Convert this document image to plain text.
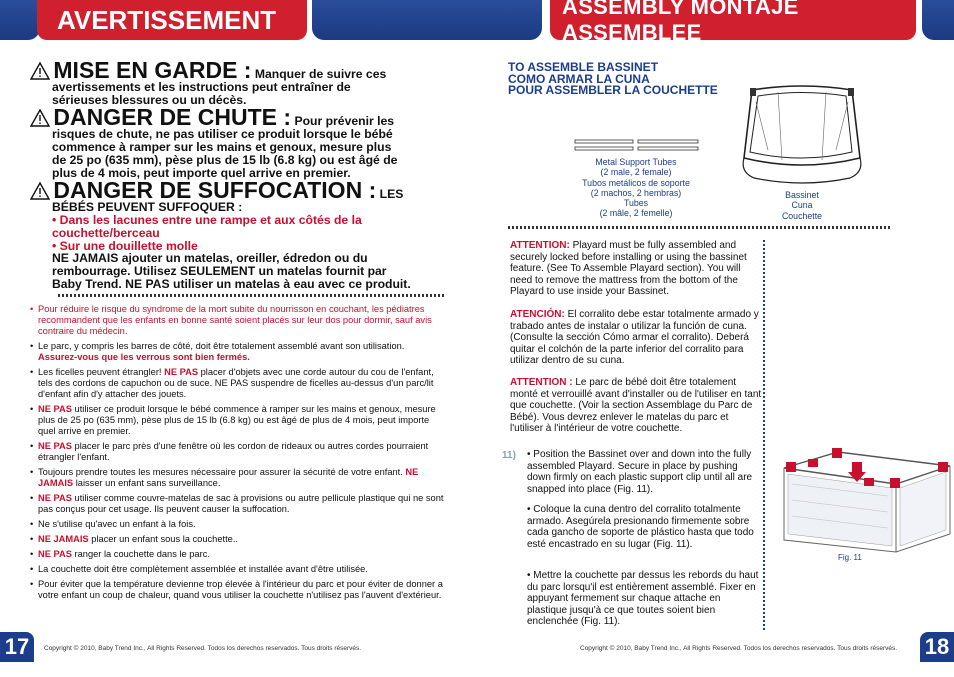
AVERTISSEMENT
MISE EN GARDE : Manquer de suivre ces
avertissements et les instructions peut entraîner de
sérieuses blessures ou un décès.
DANGER DE CHUTE : Pour prévenir les
risques de chute, ne pas utiliser ce produit lorsque le bébé
commence à ramper sur les mains et genoux, mesure plus
de 25 po (635 mm), pèse plus de 15 lb (6.8 kg) ou est âgé de
plus de 4 mois, peut importe quel arrive en premier.
DANGER DE SUFFOCATION : LES
BÉBÉS PEUVENT SUFFOQUER :
• Dans les lacunes entre une rampe et aux côtés de la
couchette/berceau
• Sur une douillette molle
NE JAMAIS ajouter un matelas, oreiller, édredon ou du
rembourrage. Utilisez SEULEMENT un matelas fournit par
Baby Trend. NE PAS utiliser un matelas à eau avec ce produit.
• Pour réduire le risque du syndrome de la mort subite du nourrisson en couchant, les pédiatres recommandent que les enfants en bonne santé soient placés sur leur dos pour dormir, sauf avis contraire du médecin.
• Le parc, y compris les barres de côté, doit être totalement assemblé avant son utilisation.
Assurez-vous que les verrous sont bien fermés.
• Les ficelles peuvent étrangler! NE PAS placer d'objets avec une corde autour du cou de l'enfant, tels des cordons de capuchon ou de suce. NE PAS suspendre de ficelles au-dessus d'un parc/lit d'enfant afin d'y attacher des jouets.
• NE PAS utiliser ce produit lorsque le bébé commence à ramper sur les mains et genoux, mesure plus de 25 po (635 mm), pèse plus de 15 lb (6.8 kg) ou est âgé de plus de 4 mois, peut importe quel arrive en premier.
• NE PAS placer le parc près d'une fenêtre où les cordon de rideaux ou autres cordes pourraient étrangler l'enfant.
• Toujours prendre toutes les mesures nécessaire pour assurer la sécurité de votre enfant. NE JAMAIS laisser un enfant sans surveillance.
• NE PAS utiliser comme couvre-matelas de sac à provisions ou autre pellicule plastique qui ne sont pas conçus pour cet usage. Ils peuvent causer la suffocation.
• Ne s'utilise qu'avec un enfant à la fois.
• NE JAMAIS placer un enfant sous la couchette..
• NE PAS ranger la couchette dans le parc.
• La couchette doit être complètement assemblée et installée avant d'être utilisée.
• Pour éviter que la température devienne trop élevée à l'intérieur du parc et pour éviter de donner a votre enfant un coup de chaleur, quand vous utiliser la couchette n'utilisez pas l'auvent d'extérieur.
17 Copyright © 2010, Baby Trend Inc., All Rights Reserved. Todos los derechos reservados. Tous droits réservés.
ASSEMBLY MONTAJE ASSEMBLEE
TO ASSEMBLE BASSINET
COMO ARMAR LA CUNA
POUR ASSEMBLER LA COUCHETTE
Metal Support Tubes
(2 male, 2 female)
Tubos metálicos de soporte
(2 machos, 2 hembras)
Tubes
(2 mâle, 2 femelle)
Bassinet
Cuna
Couchette
ATTENTION: Playard must be fully assembled and securely locked before installing or using the bassinet feature. (See To Assemble Playard section). You will need to remove the mattress from the bottom of the Playard to use inside your Bassinet.
ATENCIÓN: El corralito debe estar totalmente armado y trabado antes de instalar o utilizar la función de cuna. (Consulte la sección Cómo armar el corralito). Deberá quitar el colchón de la parte inferior del corralito para utilizar dentro de su cuna.
ATTENTION : Le parc de bébé doit être totalement monté et verrouillé avant d'installer ou de l'utiliser en tant que couchette. (Voir la section Assemblage du Parc de Bébé). Vous devrez enlever le matelas du parc et l'utiliser à l'intérieur de votre couchette.
11) • Position the Bassinet over and down into the fully assembled Playard. Secure in place by pushing down firmly on each plastic support clip until all are snapped into place (Fig. 11).
• Coloque la cuna dentro del corralito totalmente armado. Asegúrela presionando firmemente sobre cada gancho de soporte de plástico hasta que todo esté encastrado en su lugar (Fig. 11).
• Mettre la couchette par dessus les rebords du haut du parc lorsqu'il est entièrement assemblé. Fixer en appuyant fermement sur chaque attache en plastique jusqu'à ce que toutes soient bien enclenchée (Fig. 11).
Fig. 11
18
Copyright © 2010, Baby Trend Inc., All Rights Reserved. Todos los derechos reservados. Tous droits réservés.
